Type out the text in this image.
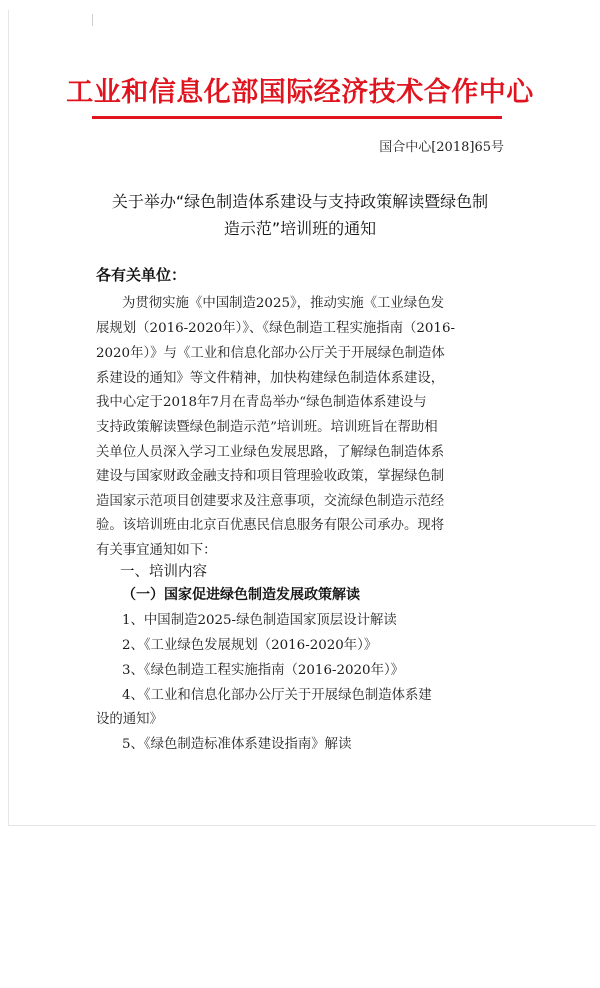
工业和信息化部国际经济技术合作中心
国合中心[2018]65号
关于举办“绿色制造体系建设与支持政策解读暨绿色制
造示范”培训班的通知
各有关单位：
为贯彻实施《中国制造2025》，推动实施《工业绿色发
展规划（2016-2020年）》、《绿色制造工程实施指南（2016-
2020年）》与《工业和信息化部办公厅关于开展绿色制造体
系建设的通知》等文件精神，加快构建绿色制造体系建设，
我中心定于2018年7月在青岛举办“绿色制造体系建设与
支持政策解读暨绿色制造示范”培训班。培训班旨在帮助相
关单位人员深入学习工业绿色发展思路，了解绿色制造体系
建设与国家财政金融支持和项目管理验收政策，掌握绿色制
造国家示范项目创建要求及注意事项，交流绿色制造示范经
验。该培训班由北京百优惠民信息服务有限公司承办。现将
有关事宜通知如下：
一、培训内容
（一）国家促进绿色制造发展政策解读
1、中国制造2025-绿色制造国家顶层设计解读
2、《工业绿色发展规划（2016-2020年）》
3、《绿色制造工程实施指南（2016-2020年）》
4、《工业和信息化部办公厅关于开展绿色制造体系建
设的通知》
5、《绿色制造标准体系建设指南》解读
